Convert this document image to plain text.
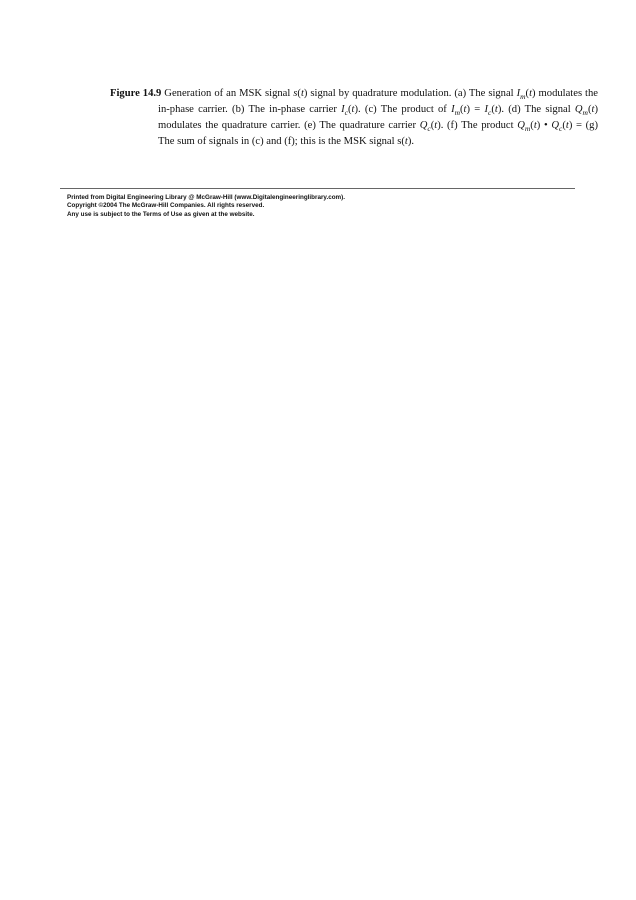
Figure 14.9 Generation of an MSK signal s(t) signal by quadrature modulation. (a) The signal $I_m(t)$ modulates the in-phase carrier. (b) The in-phase carrier $I_c(t)$. (c) The product of $I_m(t) = I_c(t)$. (d) The signal $Q_m(t)$ modulates the quadrature carrier. (e) The quadrature carrier $Q_c(t)$. (f) The product $Q_m(t)$ • $Q_c(t) = (g)$ The sum of signals in (c) and (f); this is the MSK signal s(t).
Printed from Digital Engineering Library @ McGraw-Hill (www.Digitalengineeringlibrary.com).
Copyright ©2004 The McGraw-Hill Companies. All rights reserved.
Any use is subject to the Terms of Use as given at the website.
